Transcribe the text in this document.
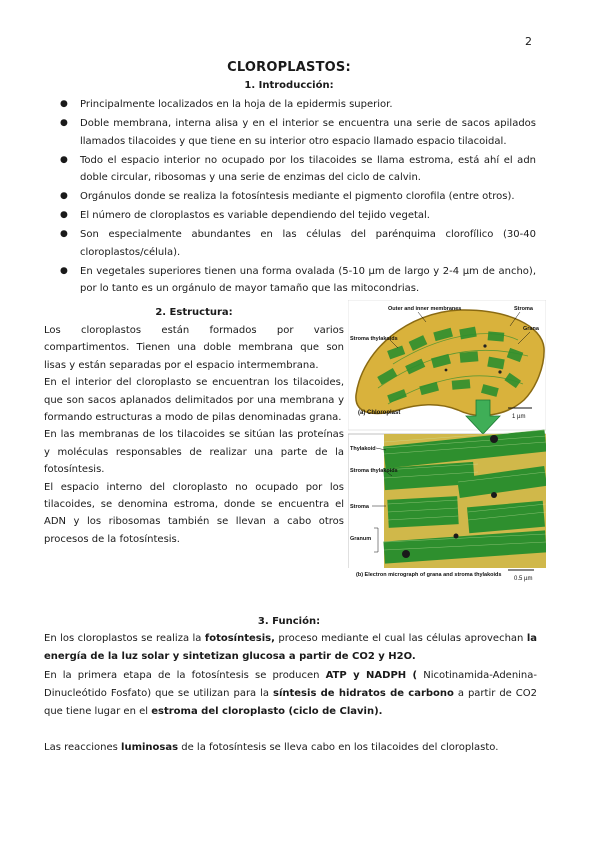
2
CLOROPLASTOS:
1. Introducción:
● Principalmente localizados en la hoja de la epidermis superior.
● Doble membrana, interna alisa y en el interior se encuentra una serie de sacos apilados llamados tilacoides y que tiene en su interior otro espacio llamado espacio tilacoidal.
● Todo el espacio interior no ocupado por los tilacoides se llama estroma, está ahí el adn doble circular, ribosomas y una serie de enzimas del ciclo de calvin.
● Orgánulos donde se realiza la fotosíntesis mediante el pigmento clorofila (entre otros).
● El número de cloroplastos es variable dependiendo del tejido vegetal.
● Son especialmente abundantes en las células del parénquima clorofílico (30-40 cloroplastos/célula).
● En vegetales superiores tienen una forma ovalada (5-10 µm de largo y 2-4 µm de ancho), por lo tanto es un orgánulo de mayor tamaño que las mitocondrias.
2. Estructura:

Los cloroplastos están formados por varios compartimentos. Tienen una doble membrana que son lisas y están separadas por el espacio intermembrana.

En el interior del cloroplasto se encuentran los tilacoides, que son sacos aplanados delimitados por una membrana y formando estructuras a modo de pilas denominadas grana.

En las membranas de los tilacoides se sitúan las proteínas y moléculas responsables de realizar una parte de la fotosíntesis.

El espacio interno del cloroplasto no ocupado por los tilacoides, se denomina estroma, donde se encuentra el ADN y los ribosomas también se llevan a cabo otros procesos de la fotosíntesis.

Outer and inner membranes	Stroma
Grana
Stroma thylakoids
(a) Chloroplast
1 µm
Thylakoid
Stroma thylakoids
Stroma
Granum
(b) Electron micrograph of grana and stroma thylakoids
0.5 µm
3. Función:

En los cloroplastos se realiza la fotosíntesis, proceso mediante el cual las células aprovechan la energía de la luz solar y sintetizan glucosa a partir de CO2 y H2O.

En la primera etapa de la fotosíntesis se producen ATP y NADPH ( Nicotinamida-Adenina-Dinucleótido Fosfato) que se utilizan para la síntesis de hidratos de carbono a partir de CO2 que tiene lugar en el estroma del cloroplasto (ciclo de Clavin).

Las reacciones luminosas de la fotosíntesis se lleva cabo en los tilacoides del cloroplasto.
